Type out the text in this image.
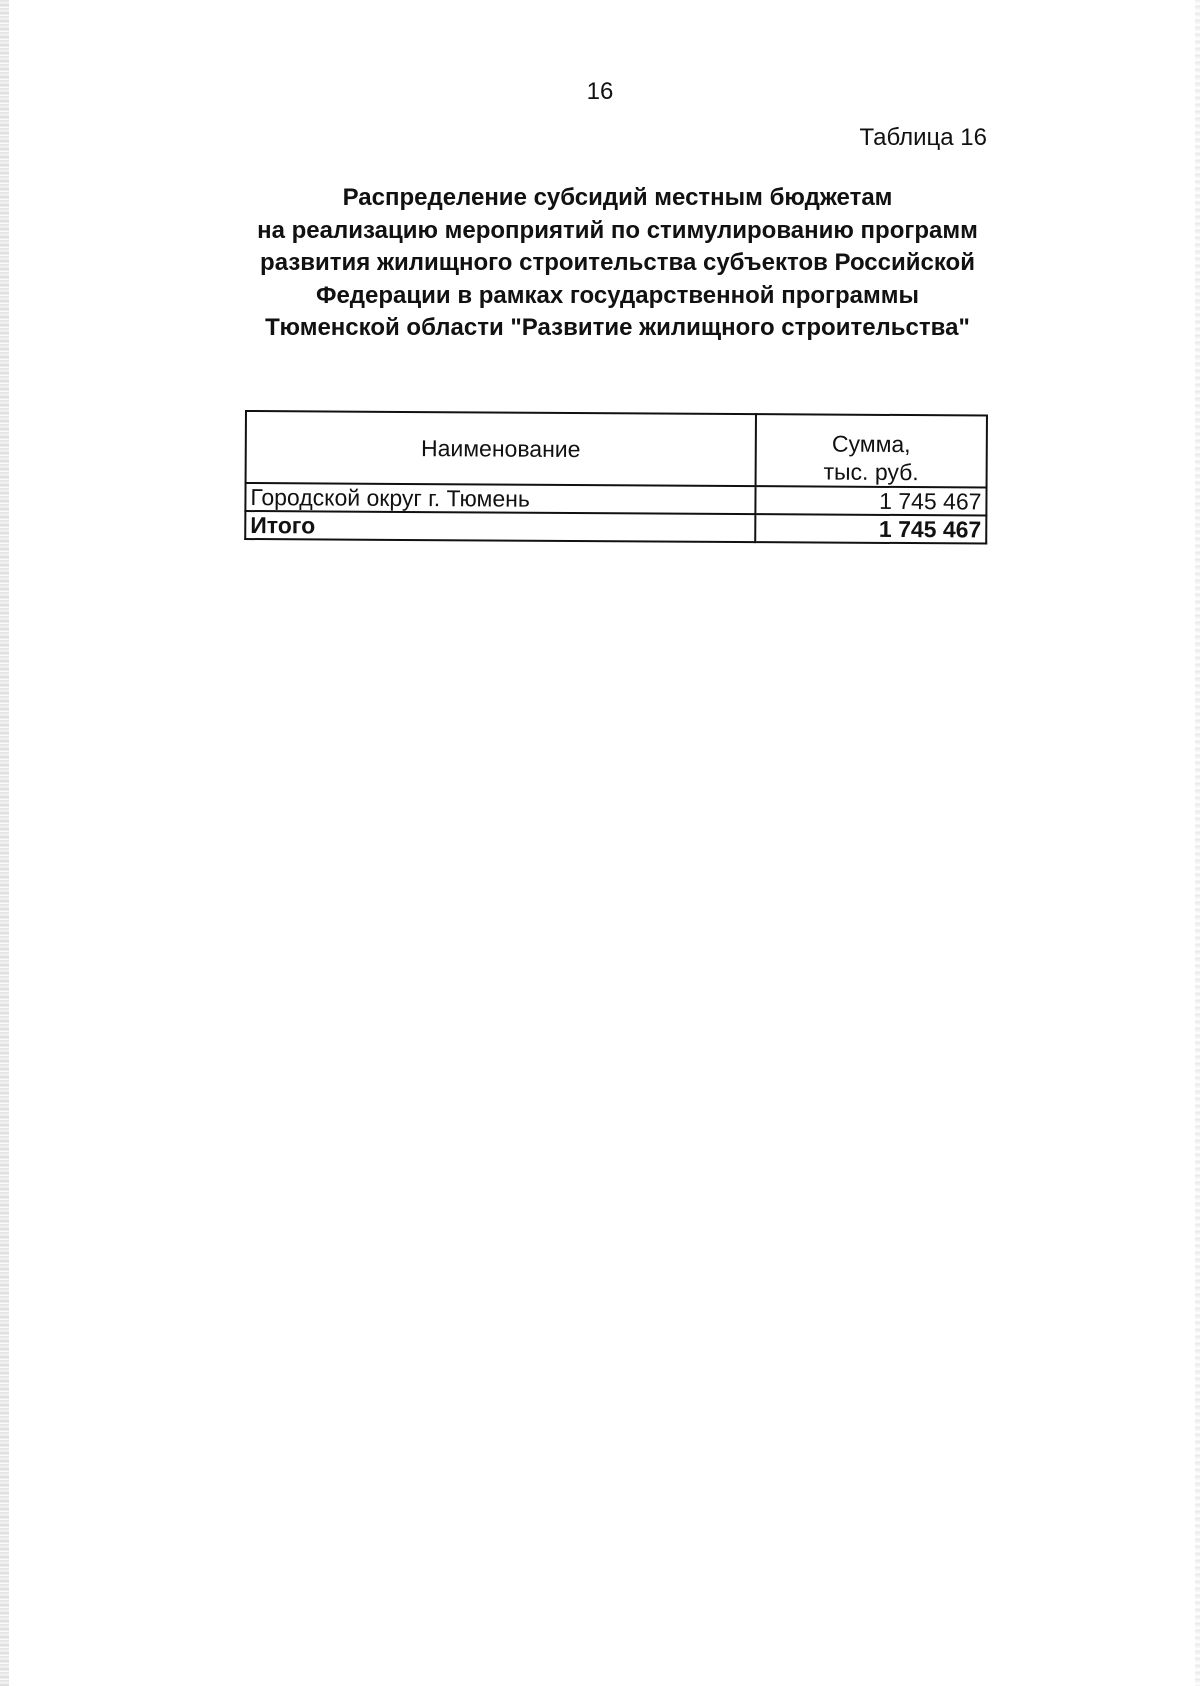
16
Таблица 16
Распределение субсидий местным бюджетам
на реализацию мероприятий по стимулированию программ
развития жилищного строительства субъектов Российской
Федерации в рамках государственной программы
Тюменской области "Развитие жилищного строительства"
Наименование	Сумма,
тыс. руб.

Городской округ г. Тюмень	1 745 467
Итого	1 745 467
